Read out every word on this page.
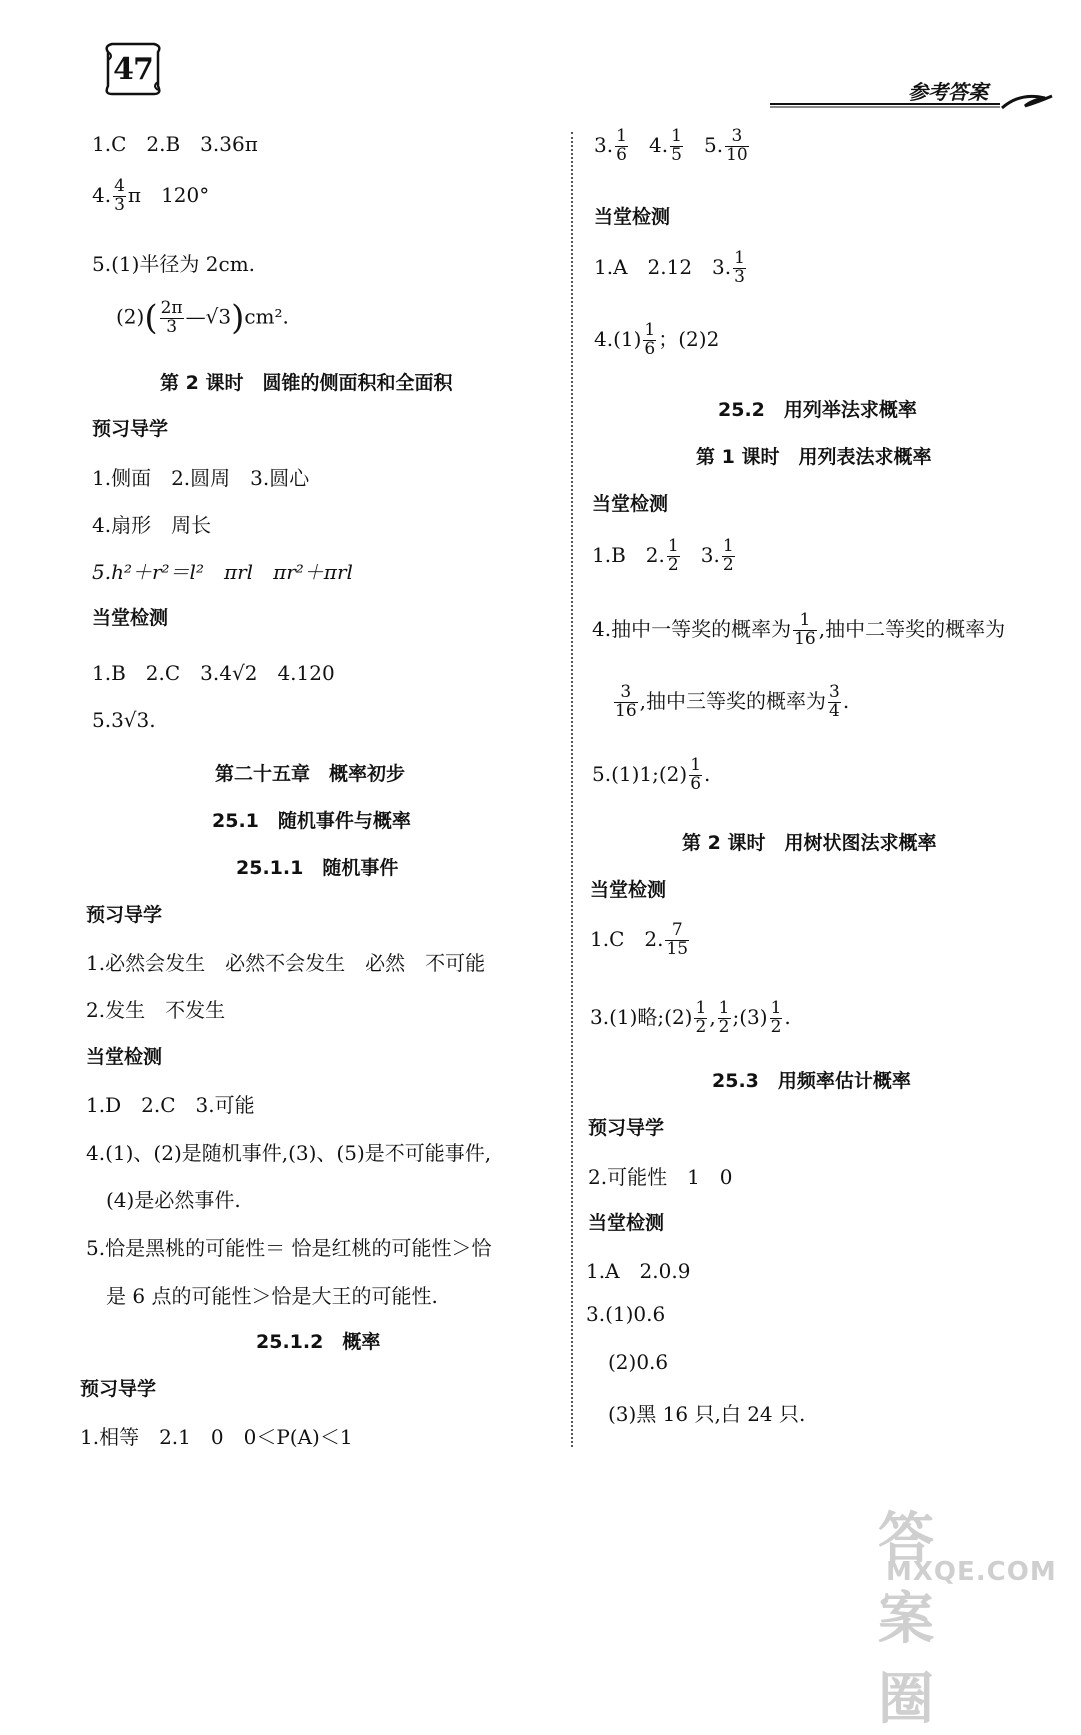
47
参考答案
1.C　2.B　3.36π
4. $\frac{4}{3}$ π　120°
5.(1)半径为 2cm.
$(2)( \frac{2\pi}{3}$ —√3)cm².
第 2 课时　圆锥的侧面积和全面积
预习导学
1.侧面　2.圆周　3.圆心
4.扇形　周长
5.h²＋r²＝l²　πrl　πr²＋πrl
当堂检测
1.B　2.C　3.4√2　4.120
5.3√3.
第二十五章　概率初步
25.1　随机事件与概率
25.1.1　随机事件
预习导学
1.必然会发生　必然不会发生　必然　不可能
2.发生　不发生
当堂检测
1.D　2.C　3.可能
4.(1)、(2)是随机事件,(3)、(5)是不可能事件,
(4)是必然事件.
5.恰是黑桃的可能性＝ 恰是红桃的可能性＞恰
是 6 点的可能性＞恰是大王的可能性.
25.1.2　概率
预习导学
1.相等　2.1　0　0＜P(A)＜1
3. $\frac{1}{6} 4$. $\frac{1}{5} 5$. $\frac{3}{10}$
当堂检测
1.A　2.12　3. $\frac{1}{3}$
$4.(1) \frac{1}{6}$ ；(2)2
25.2　用列举法求概率
第 1 课时　用列表法求概率
当堂检测
1.B　2. $\frac{1}{2} 3$. $\frac{1}{2}$
4.抽中一等奖的概率为 $\frac{1}{16}$ ,抽中二等奖的概率为
$\frac{3}{16}$ ,抽中三等奖的概率为 $\frac{3}{4}$ .
5.(1)1;(2) $\frac{1}{6}$ .
第 2 课时　用树状图法求概率
当堂检测
1.C　2. $\frac{7}{15}$
3.(1)略;(2) $\frac{1}{2}$ , $\frac{1}{2}$ ;(3) $\frac{1}{2}$ .
25.3　用频率估计概率
预习导学
2.可能性　1　0
当堂检测
1.A　2.0.9
3.(1)0.6
(2)0.6
(3)黑 16 只,白 24 只.
答案圈
MXQE.COM
